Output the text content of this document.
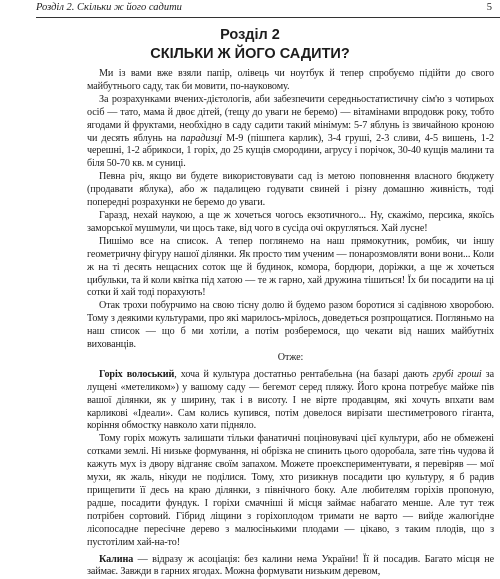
Розділ 2. Скільки ж його садити	5
Розділ 2
СКІЛЬКИ Ж ЙОГО САДИТИ?

Ми із вами вже взяли папір, олівець чи ноутбук й тепер спробуємо підійти до свого майбутнього саду, так би мовити, по-науковому.

За розрахунками вчених-дієтологів, аби забезпечити середньостатистичну сім'ю з чотирьох осіб — тато, мама й двоє дітей, (тещу до уваги не беремо) — вітамінами впродовж року, тобто ягодами й фруктами, необхідно в саду садити такий мінімум: 5-7 яблунь із звичайною кроною чи десять яблунь на парадизці М-9 (пішпега карлик), 3-4 груші, 2-3 сливи, 4-5 вишень, 1-2 черешні, 1-2 абрикоси, 1 горіх, до 25 кущів смородини, агрусу і порічок, 30-40 кущів малини та біля 50-70 кв. м суниці.

Певна річ, якщо ви будете використовувати сад із метою поповнення власного бюджету (продавати яблука), або ж падалицею годувати свиней і різну домашню живність, тоді попередні розрахунки не беремо до уваги.

Гаразд, нехай наукою, а ще ж хочеться чогось екзотичного... Ну, скажімо, персика, якоїсь заморської мушмули, чи щось таке, від чого в сусіда очі округляться. Хай лусне!

Пишімо все на список. А тепер поглянемо на наш прямокутник, ромбик, чи іншу геометричну фігуру нашої ділянки. Як просто тим ученим — понарозмовляти вони вони... Коли ж на ті десять нещасних соток ще й будинок, комора, бордюри, доріжки, а ще ж хочеться цибульки, та й коли квітка під хатою — те ж гарно, хай дружина тішиться! Їх би посадити на ці сотки й хай тоді порахують!

Отак трохи побурчимо на свою тісну долю й будемо разом боротися зі садівною хворобою. Тому з деякими культурами, про які марилось-мрілось, доведеться розпрощатися. Погляньмо на наш список — що б ми хотіли, а потім розберемося, що чекати від наших майбутніх вихованців.

Отже:

Горіх волоський, хоча й культура достатньо рентабельна (на базарі дають грубі гроші за лущені «метеликом») у вашому саду — бегемот серед пляжу. Його крона потребує майже пів вашої ділянки, як у ширину, так і в висоту. І не вірте продавцям, які хочуть впхати вам карликові «Ідеали». Сам колись купився, потім довелося вирізати шестиметрового гіганта, коріння обмостку навколо хати підняло.

Тому горіх можуть залишати тільки фанатичні поціновувачі цієї культури, або не обмежені сотками землі. Ні низьке формування, ні обрізка не спинить цього одоробала, затe тінь чудова й кажуть мух із двору відганяє своїм запахом. Можете проекспериментувати, я перевіряв — мої мухи, як жаль, нікуди не поділися. Тому, хто ризикнув посадити цю культуру, я б радив прищепити її десь на краю ділянки, з північного боку. Але любителям горіхів пропоную, радше, посадити фундук. І горіхи смачніші й місця займає набагато менше. Але тут теж потрібен сортовий. Гібрид ліщини з горіхоплодом тримати не варто — вийде жалюгідне лісопосадне пересічне дерево з малюсінькими плодами — цікаво, з таким плодів, що з пустотілим хай-на-то!

Калина — відразу ж асоціація: без калини нема України! Її й посадив. Багато місця не займає. Завжди в гарних ягодах. Можна формувати низьким деревом,
